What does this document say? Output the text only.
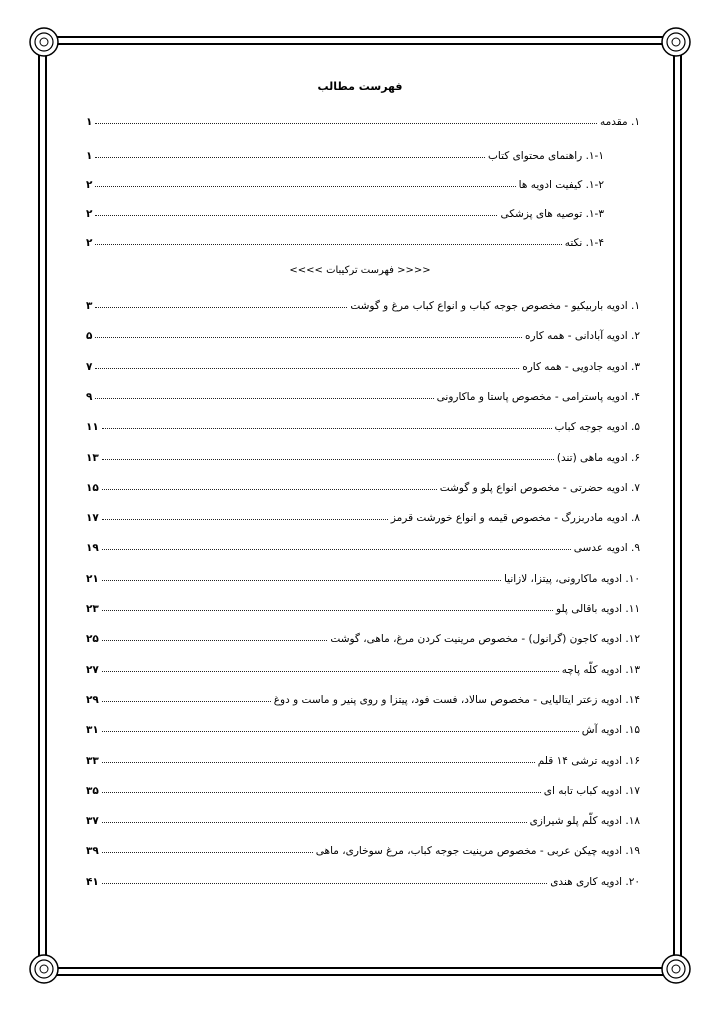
فهرست مطالب
۱. مقدمه
۱
۱-۱. راهنمای محتوای کتاب
۱
۱-۲. کیفیت ادویه ها
۲
۱-۳. توصیه های پزشکی
۲
۱-۴. نکته
۲
<<<< فهرست ترکیبات >>>>
۱. ادویه باربیکیو - مخصوص جوجه کباب و انواع کباب مرغ و گوشت
۳
۲. ادویه آبادانی - همه کاره
۵
۳. ادویه جادویی - همه کاره
۷
۴. ادویه پاسترامی - مخصوص پاستا و ماکارونی
۹
۵. ادویه جوجه کباب
۱۱
۶. ادویه ماهی (تند)
۱۳
۷. ادویه حضرتی - مخصوص انواع پلو و گوشت
۱۵
۸. ادویه مادربزرگ - مخصوص قیمه و انواع خورشت قرمز
۱۷
۹. ادویه عدسی
۱۹
۱۰. ادویه ماکارونی، پیتزا، لازانیا
۲۱
۱۱. ادویه باقالی پلو
۲۳
۱۲. ادویه کاجون (گرانول) - مخصوص مرینیت کردن مرغ، ماهی، گوشت
۲۵
۱۳. ادویه کلّه پاچه
۲۷
۱۴. ادویه زعتر ایتالیایی - مخصوص سالاد، فست فود، پیتزا و روی پنیر و ماست و دوغ
۲۹
۱۵. ادویه آش
۳۱
۱۶. ادویه ترشی ۱۴ قلم
۳۳
۱۷. ادویه کباب تابه ای
۳۵
۱۸. ادویه کلّم پلو شیرازی
۳۷
۱۹. ادویه چیکن عربی - مخصوص مرینیت جوجه کباب، مرغ سوخاری، ماهی
۳۹
۲۰. ادویه کاری هندی
۴۱
